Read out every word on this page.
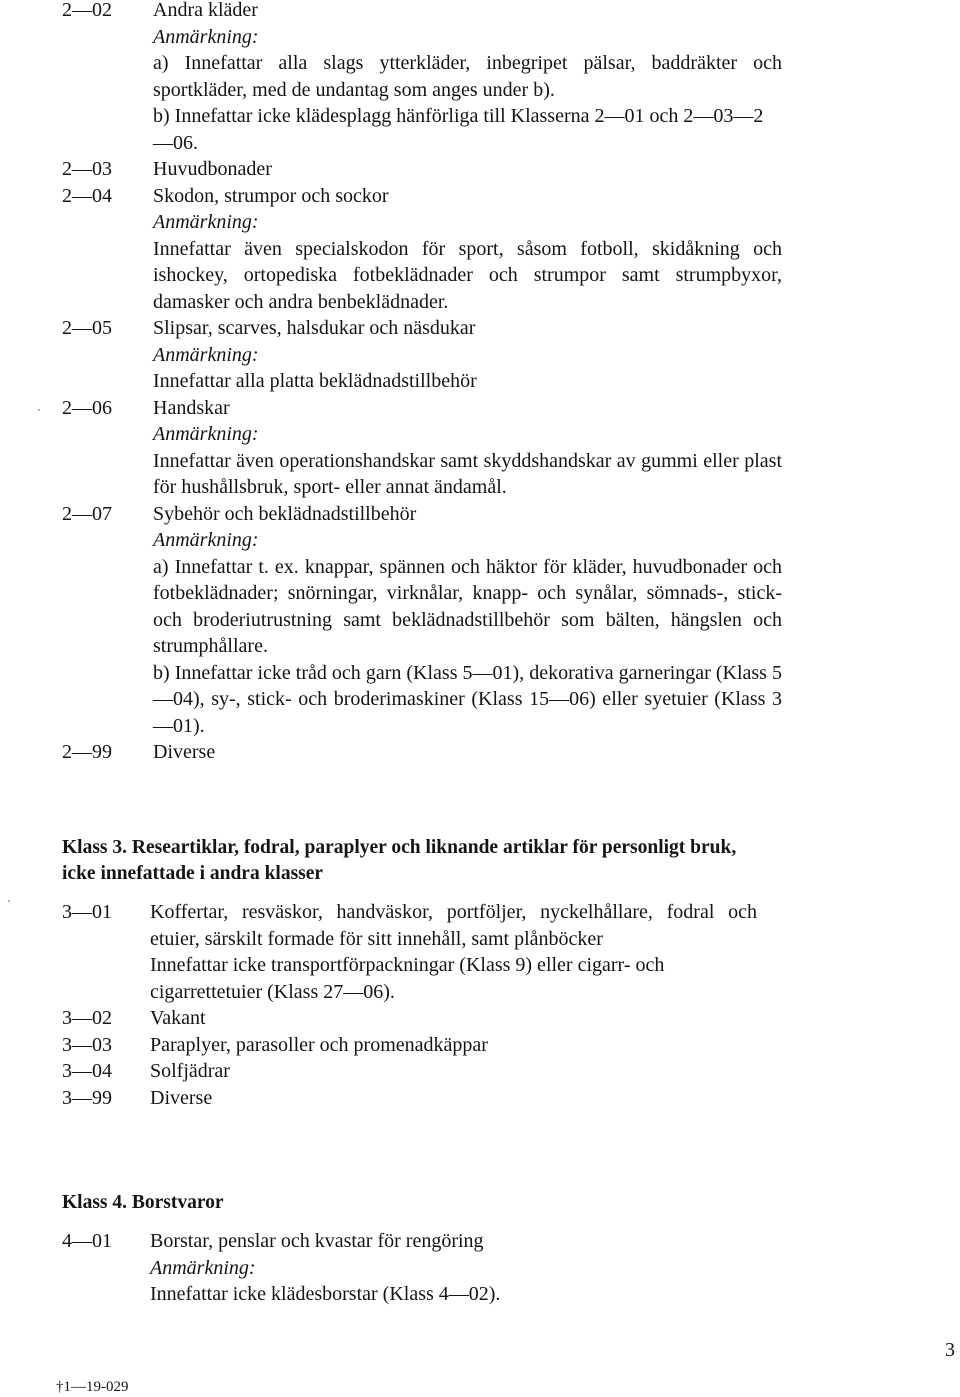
2—02	Andra kläder
Anmärkning:
a) Innefattar alla slags ytterkläder, inbegripet pälsar, baddräkter och sportkläder, med de undantag som anges under b).
b) Innefattar icke klädesplagg hänförliga till Klasserna 2—01 och 2—03—2—06.
2—03	Huvudbonader
2—04	Skodon, strumpor och sockor
Anmärkning:
Innefattar även specialskodon för sport, såsom fotboll, skidåkning och ishockey, ortopediska fotbeklädnader och strumpor samt strumpbyxor, damasker och andra benbeklädnader.
2—05	Slipsar, scarves, halsdukar och näsdukar
Anmärkning:
Innefattar alla platta beklädnadstillbehör
2—06	Handskar
Anmärkning:
Innefattar även operationshandskar samt skyddshandskar av gummi eller plast för hushållsbruk, sport- eller annat ändamål.
2—07	Sybehör och beklädnadstillbehör
Anmärkning:
a) Innefattar t. ex. knappar, spännen och häktor för kläder, huvudbonader och fotbeklädnader; snörningar, virknålar, knapp- och synålar, sömnads-, stick- och broderiutrustning samt beklädnadstillbehör som bälten, hängslen och strumphållare.
b) Innefattar icke tråd och garn (Klass 5—01), dekorativa garneringar (Klass 5—04), sy-, stick- och broderimaskiner (Klass 15—06) eller syetuier (Klass 3—01).
2—99	Diverse
Klass 3. Researtiklar, fodral, paraplyer och liknande artiklar för personligt bruk, icke innefattade i andra klasser
3—01	Koffertar, resväskor, handväskor, portföljer, nyckelhållare, fodral och etuier, särskilt formade för sitt innehåll, samt plånböcker
Innefattar icke transportförpackningar (Klass 9) eller cigarr- och cigarrettetuier (Klass 27—06).
3—02	Vakant
3—03	Paraplyer, parasoller och promenadkäppar
3—04	Solfjädrar
3—99	Diverse
Klass 4. Borstvaror
4—01	Borstar, penslar och kvastar för rengöring
Anmärkning:
Innefattar icke klädesborstar (Klass 4—02).
3
†1—19-029
